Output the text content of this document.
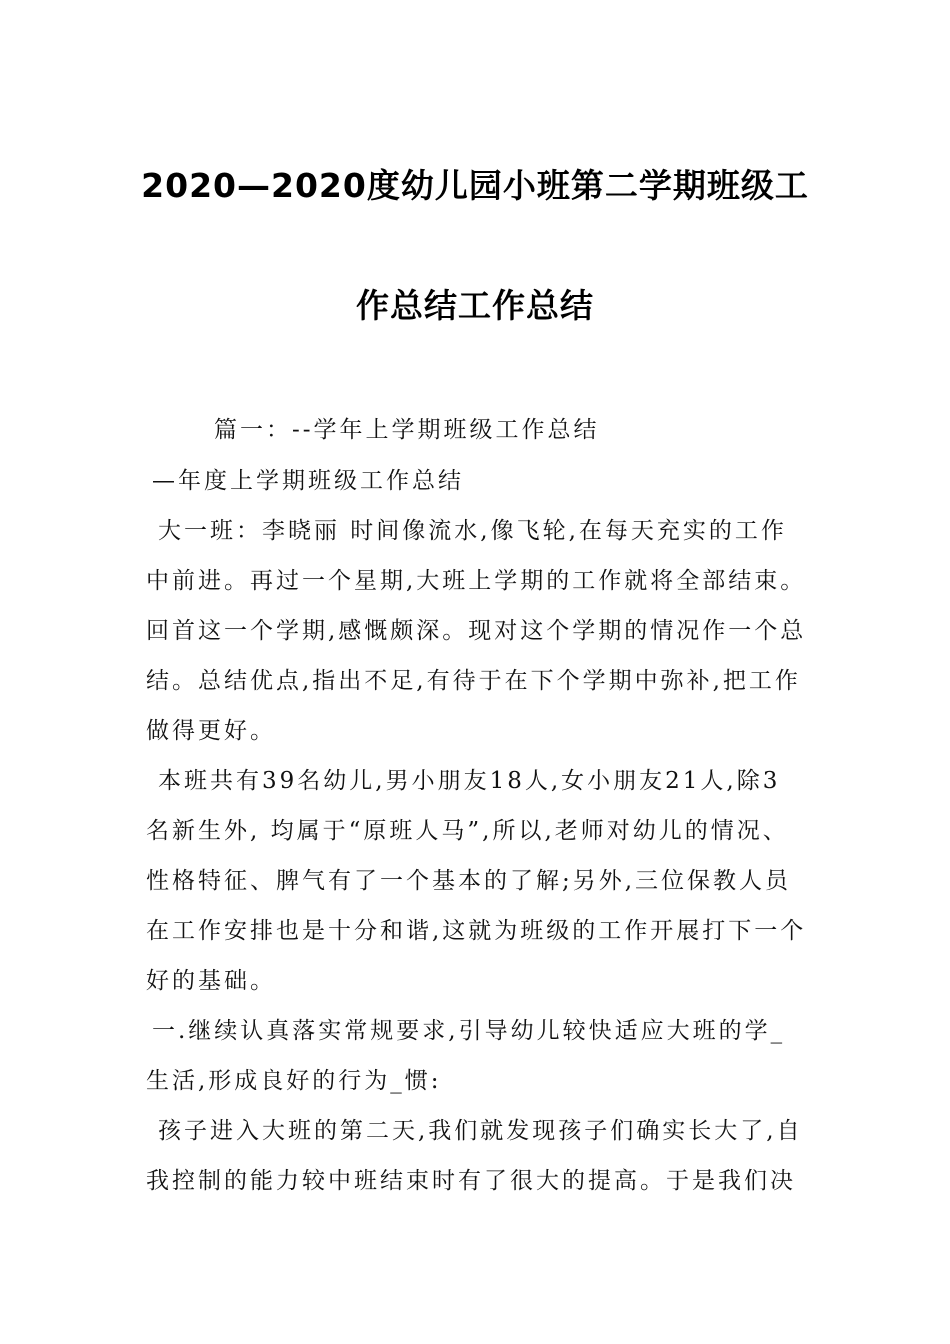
2020—2020度幼儿园小班第二学期班级工
作总结工作总结
篇一：--学年上学期班级工作总结
—年度上学期班级工作总结
大一班：李晓丽 时间像流水,像飞轮,在每天充实的工作
中前进。再过一个星期,大班上学期的工作就将全部结束。
回首这一个学期,感慨颇深。现对这个学期的情况作一个总
结。总结优点,指出不足,有待于在下个学期中弥补,把工作
做得更好。
本班共有39名幼儿,男小朋友18人,女小朋友21人,除3
名新生外, 均属于“原班人马”,所以,老师对幼儿的情况、
性格特征、脾气有了一个基本的了解;另外,三位保教人员
在工作安排也是十分和谐,这就为班级的工作开展打下一个
好的基础。
一.继续认真落实常规要求,引导幼儿较快适应大班的学_
生活,形成良好的行为_惯:
孩子进入大班的第二天,我们就发现孩子们确实长大了,自
我控制的能力较中班结束时有了很大的提高。于是我们决
